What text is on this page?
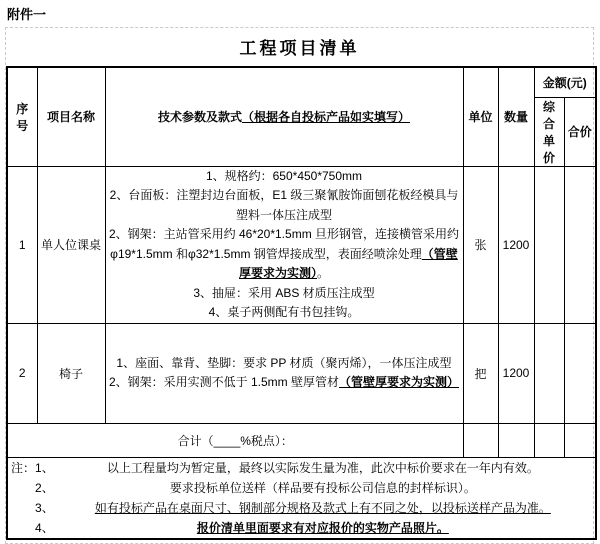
附件一
工程项目清单
序号	项目名称	技术参数及款式（根据各自投标产品如实填写）	单位	数量	金额(元)	
					综合单价	合价
1	单人位课桌	1、规格约：650*450*750mm
2、台面板：注塑封边台面板，E1 级三聚氰胺饰面刨花板经模具与塑料一体压注成型
2、钢架：主站管采用约 46*20*1.5mm 旦形钢管，连接横管采用约φ19*1.5mm 和φ32*1.5mm 钢管焊接成型，表面经喷涂处理（管壁厚要求为实测）。
3、抽屉：采用 ABS 材质压注成型
4、桌子两侧配有书包挂钩。	张	1200		
2	椅子	1、座面、靠背、垫脚：要求 PP 材质（聚丙烯），一体压注成型
2、钢架：采用实测不低于 1.5mm 壁厚管材（管壁厚要求为实测）	把	1200		
合计（____%税点）：						

注： 1、	以上工程量均为暂定量，最终以实际发生量为准，此次中标价要求在一年内有效。
2、	要求投标单位送样（样品要有投标公司信息的封样标识）。
3、	如有投标产品在桌面尺寸、钢制部分规格及款式上有不同之处，以投标送样产品为准。
4、	报价清单里面要求有对应报价的实物产品照片。
